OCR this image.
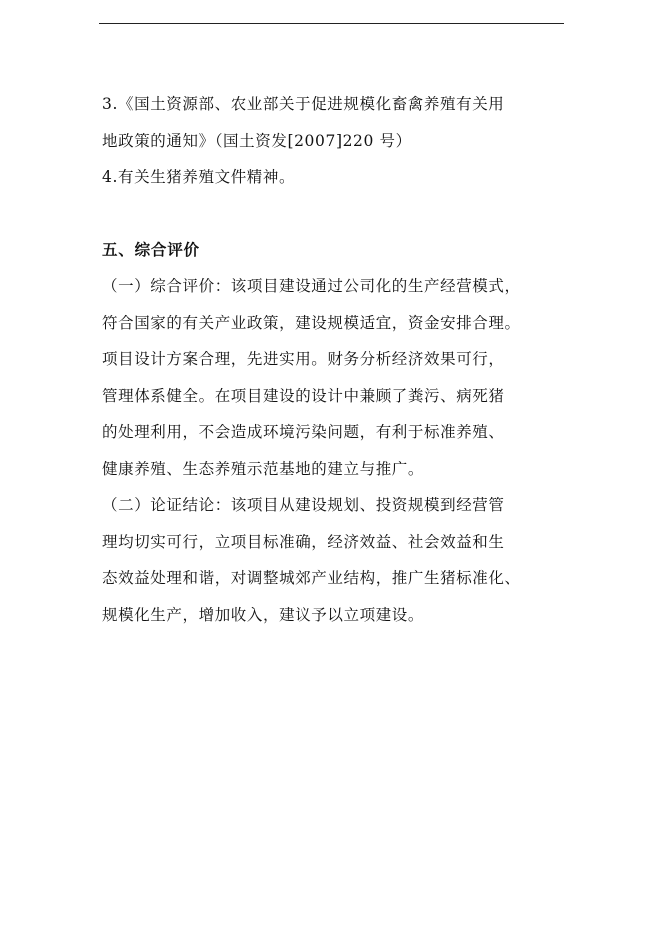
3.《国土资源部、农业部关于促进规模化畜禽养殖有关用
地政策的通知》（国土资发[2007]220 号）
4.有关生猪养殖文件精神。
五、综合评价
（一）综合评价：该项目建设通过公司化的生产经营模式，
符合国家的有关产业政策，建设规模适宜，资金安排合理。
项目设计方案合理，先进实用。财务分析经济效果可行，
管理体系健全。在项目建设的设计中兼顾了粪污、病死猪
的处理利用，不会造成环境污染问题，有利于标准养殖、
健康养殖、生态养殖示范基地的建立与推广。
（二）论证结论：该项目从建设规划、投资规模到经营管
理均切实可行，立项目标准确，经济效益、社会效益和生
态效益处理和谐，对调整城郊产业结构，推广生猪标准化、
规模化生产，增加收入，建议予以立项建设。
